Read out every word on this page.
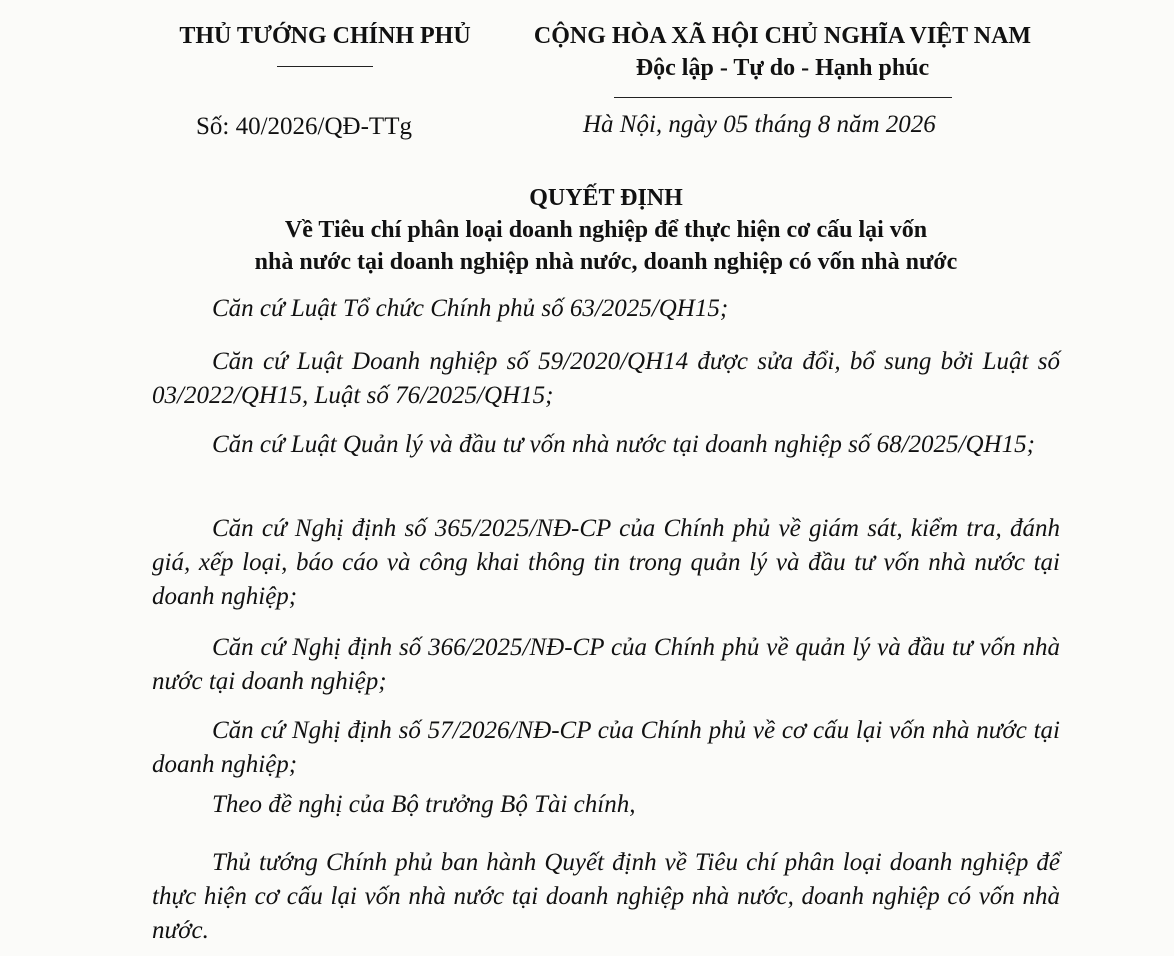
THỦ TƯỚNG CHÍNH PHỦ	CỘNG HÒA XÃ HỘI CHỦ NGHĨA VIỆT NAM
Độc lập - Tự do - Hạnh phúc
Số: 40/2026/QĐ-TTg	Hà Nội, ngày 05 tháng 8 năm 2026
QUYẾT ĐỊNH
Về Tiêu chí phân loại doanh nghiệp để thực hiện cơ cấu lại vốn
nhà nước tại doanh nghiệp nhà nước, doanh nghiệp có vốn nhà nước
Căn cứ Luật Tổ chức Chính phủ số 63/2025/QH15;
Căn cứ Luật Doanh nghiệp số 59/2020/QH14 được sửa đổi, bổ sung bởi Luật số 03/2022/QH15, Luật số 76/2025/QH15;
Căn cứ Luật Quản lý và đầu tư vốn nhà nước tại doanh nghiệp số 68/2025/QH15;
Căn cứ Nghị định số 365/2025/NĐ-CP của Chính phủ về giám sát, kiểm tra, đánh giá, xếp loại, báo cáo và công khai thông tin trong quản lý và đầu tư vốn nhà nước tại doanh nghiệp;
Căn cứ Nghị định số 366/2025/NĐ-CP của Chính phủ về quản lý và đầu tư vốn nhà nước tại doanh nghiệp;
Căn cứ Nghị định số 57/2026/NĐ-CP của Chính phủ về cơ cấu lại vốn nhà nước tại doanh nghiệp;
Theo đề nghị của Bộ trưởng Bộ Tài chính,
Thủ tướng Chính phủ ban hành Quyết định về Tiêu chí phân loại doanh nghiệp để thực hiện cơ cấu lại vốn nhà nước tại doanh nghiệp nhà nước, doanh nghiệp có vốn nhà nước.
